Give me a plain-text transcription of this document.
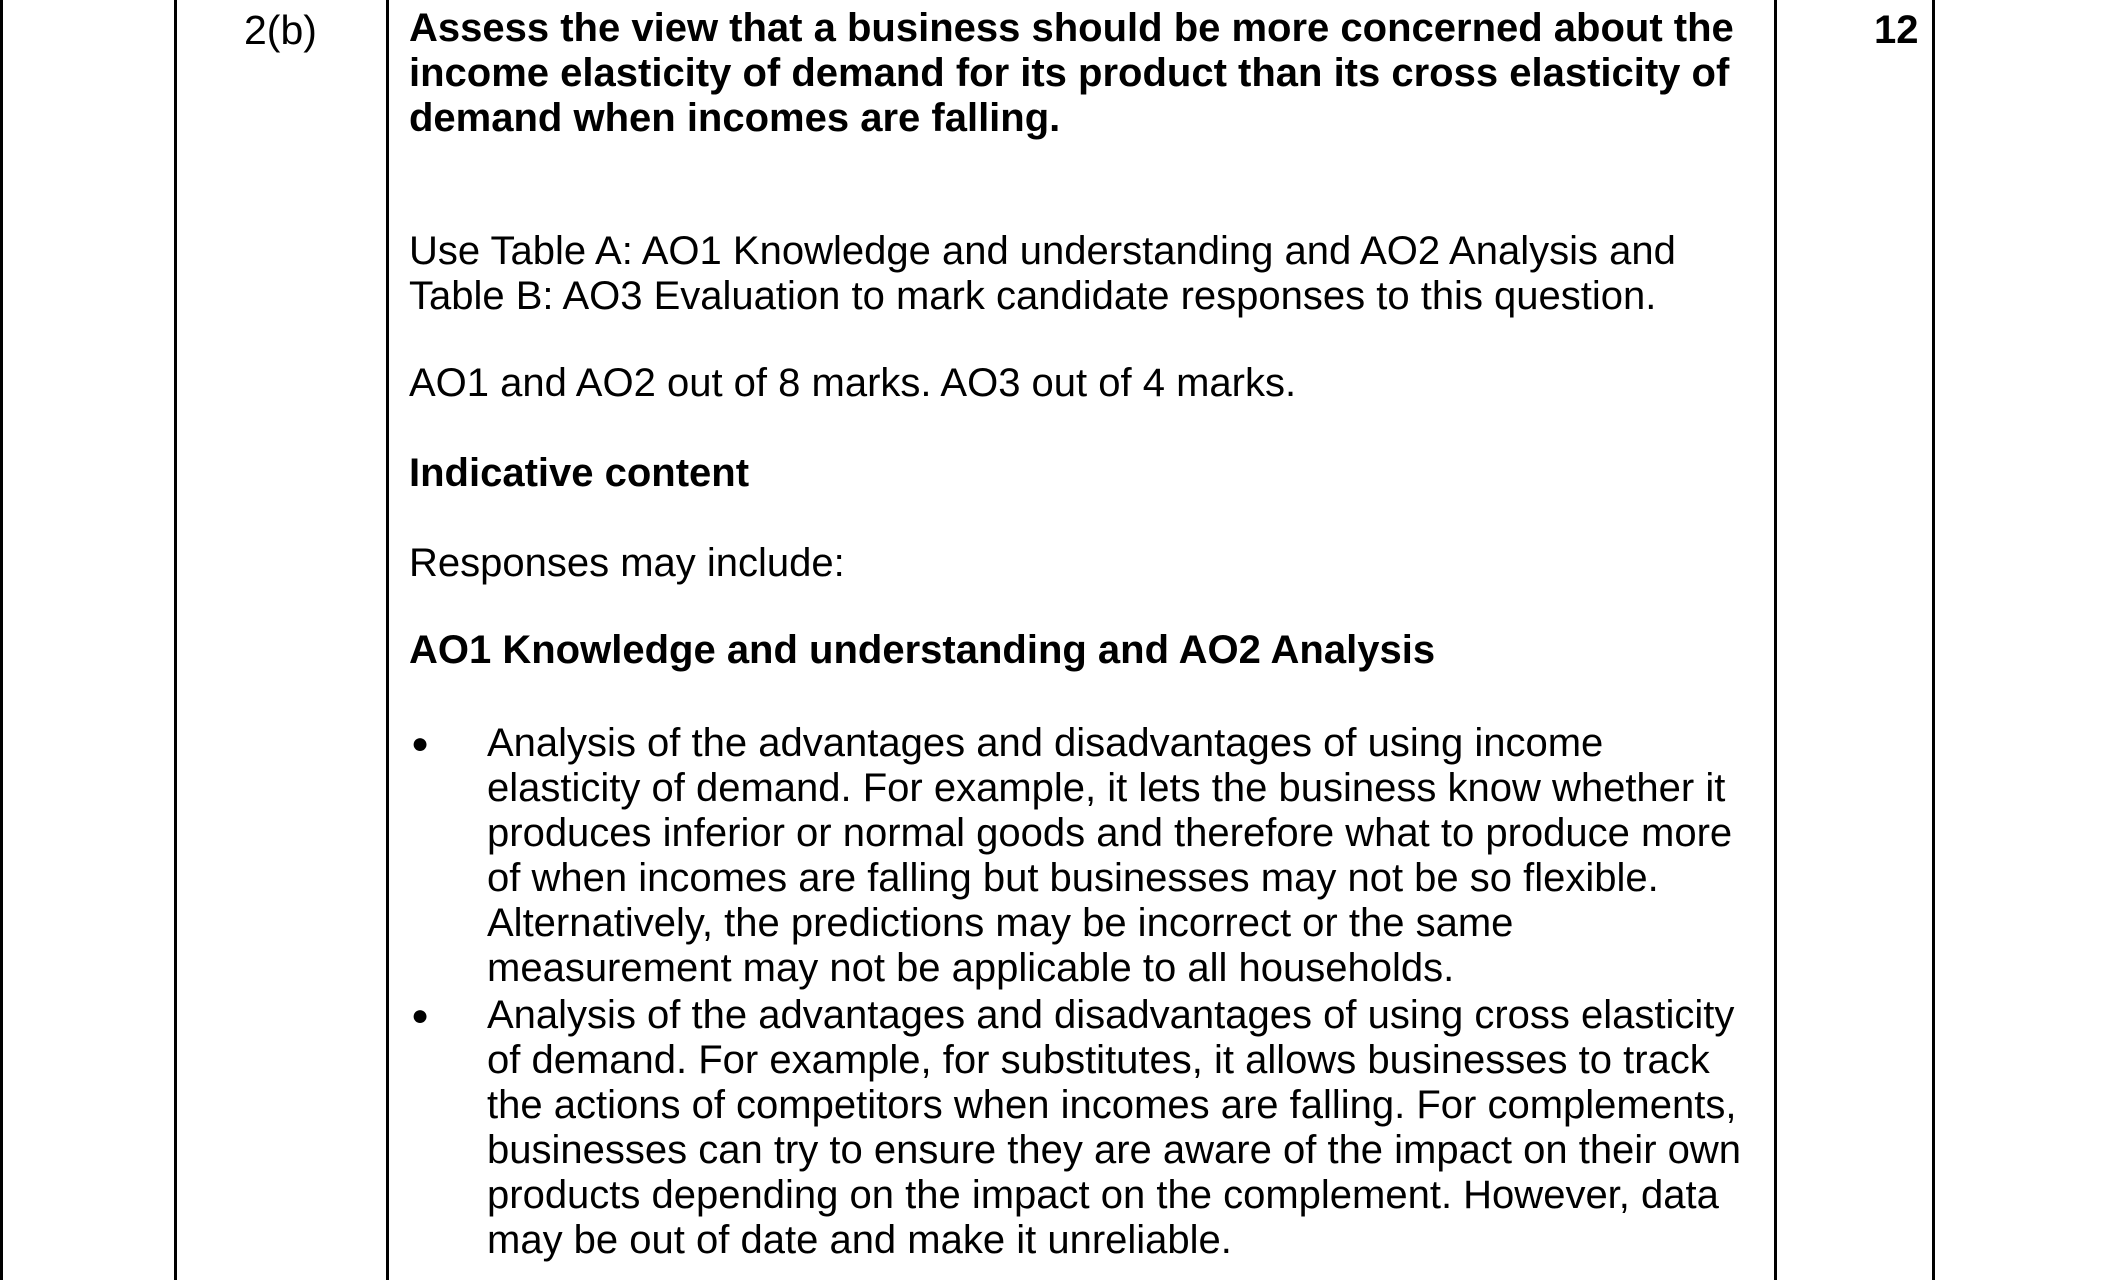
2(b) Assess the view that a business should be more concerned about the income elasticity of demand for its product than its cross elasticity of demand when incomes are falling.

Use Table A: AO1 Knowledge and understanding and AO2 Analysis and Table B: AO3 Evaluation to mark candidate responses to this question.

AO1 and AO2 out of 8 marks. AO3 out of 4 marks.

Indicative content

Responses may include:

AO1 Knowledge and understanding and AO2 Analysis

● Analysis of the advantages and disadvantages of using income elasticity of demand. For example, it lets the business know whether it produces inferior or normal goods and therefore what to produce more of when incomes are falling but businesses may not be so flexible. Alternatively, the predictions may be incorrect or the same measurement may not be applicable to all households.
● Analysis of the advantages and disadvantages of using cross elasticity of demand. For example, for substitutes, it allows businesses to track the actions of competitors when incomes are falling. For complements, businesses can try to ensure they are aware of the impact on their own products depending on the impact on the complement. However, data may be out of date and make it unreliable.
12
